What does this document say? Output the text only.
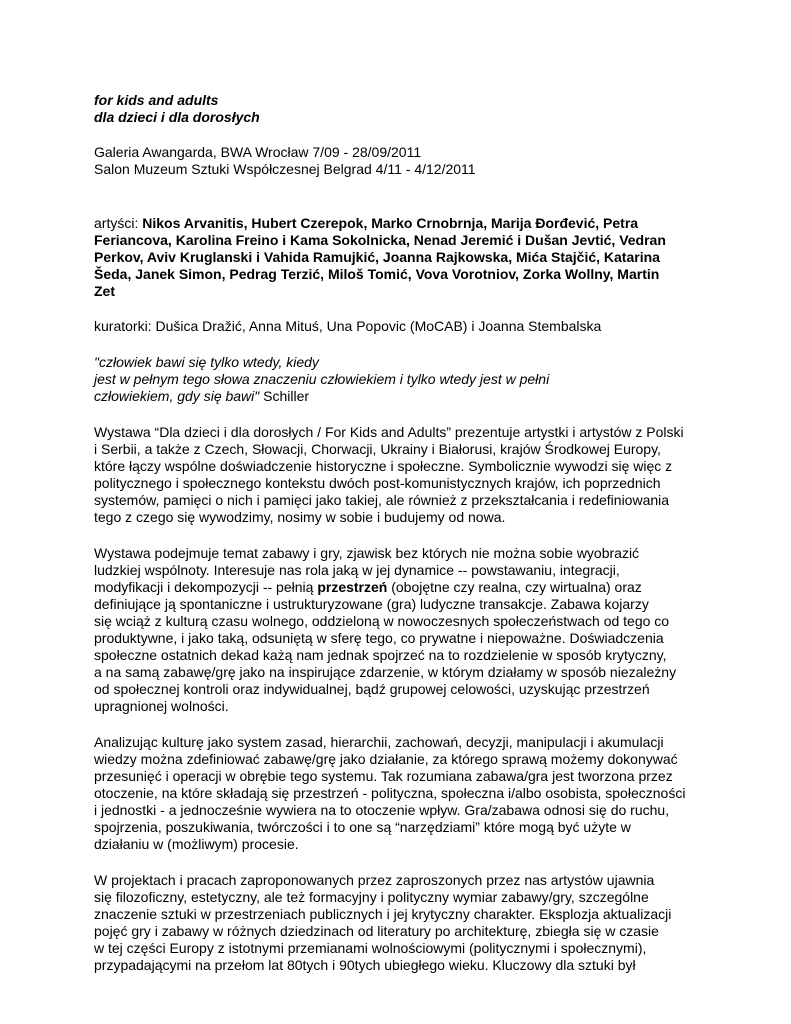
for kids and adults
dla dzieci i dla dorosłych
Galeria Awangarda, BWA Wrocław 7/09 - 28/09/2011
Salon Muzeum Sztuki Współczesnej Belgrad 4/11 - 4/12/2011
artyści: Nikos Arvanitis, Hubert Czerepok, Marko Crnobrnja, Marija Đorđević, Petra
Feriancova, Karolina Freino i Kama Sokolnicka, Nenad Jeremić i Dušan Jevtić, Vedran
Perkov, Aviv Kruglanski i Vahida Ramujkić, Joanna Rajkowska, Mića Stajčić, Katarina
Šeda, Janek Simon, Pedrag Terzić, Miloš Tomić, Vova Vorotniov, Zorka Wollny, Martin
Zet
kuratorki: Dušica Dražić, Anna Mituś, Una Popovic (MoCAB) i Joanna Stembalska
"człowiek bawi się tylko wtedy, kiedy
jest w pełnym tego słowa znaczeniu człowiekiem i tylko wtedy jest w pełni
człowiekiem, gdy się bawi" Schiller
Wystawa “Dla dzieci i dla dorosłych / For Kids and Adults” prezentuje artystki i artystów z Polski
i Serbii, a także z Czech, Słowacji, Chorwacji, Ukrainy i Białorusi, krajów Środkowej Europy,
które łączy wspólne doświadczenie historyczne i społeczne. Symbolicznie wywodzi się więc z
politycznego i społecznego kontekstu dwóch post-komunistycznych krajów, ich poprzednich
systemów, pamięci o nich i pamięci jako takiej, ale również z przekształcania i redefiniowania
tego z czego się wywodzimy, nosimy w sobie i budujemy od nowa.
Wystawa podejmuje temat zabawy i gry, zjawisk bez których nie można sobie wyobrazić
ludzkiej wspólnoty. Interesuje nas rola jaką w jej dynamice -- powstawaniu, integracji,
modyfikacji i dekompozycji -- pełnią przestrzeń (obojętne czy realna, czy wirtualna) oraz
definiujące ją spontaniczne i ustrukturyzowane (gra) ludyczne transakcje. Zabawa kojarzy
się wciąż z kulturą czasu wolnego, oddzieloną w nowoczesnych społeczeństwach od tego co
produktywne, i jako taką, odsuniętą w sferę tego, co prywatne i niepoważne. Doświadczenia
społeczne ostatnich dekad każą nam jednak spojrzeć na to rozdzielenie w sposób krytyczny,
a na samą zabawę/grę jako na inspirujące zdarzenie, w którym działamy w sposób niezależny
od społecznej kontroli oraz indywidualnej, bądź grupowej celowości, uzyskując przestrzeń
upragnionej wolności.
Analizując kulturę jako system zasad, hierarchii, zachowań, decyzji, manipulacji i akumulacji
wiedzy można zdefiniować zabawę/grę jako działanie, za którego sprawą możemy dokonywać
przesunięć i operacji w obrębie tego systemu. Tak rozumiana zabawa/gra jest tworzona przez
otoczenie, na które składają się przestrzeń - polityczna, społeczna i/albo osobista, społeczności
i jednostki - a jednocześnie wywiera na to otoczenie wpływ. Gra/zabawa odnosi się do ruchu,
spojrzenia, poszukiwania, twórczości i to one są “narzędziami” które mogą być użyte w
działaniu w (możliwym) procesie.
W projektach i pracach zaproponowanych przez zaproszonych przez nas artystów ujawnia
się filozoficzny, estetyczny, ale też formacyjny i polityczny wymiar zabawy/gry, szczególne
znaczenie sztuki w przestrzeniach publicznych i jej krytyczny charakter. Eksplozja aktualizacji
pojęć gry i zabawy w różnych dziedzinach od literatury po architekturę, zbiegła się w czasie
w tej części Europy z istotnymi przemianami wolnościowymi (politycznymi i społecznymi),
przypadającymi na przełom lat 80tych i 90tych ubiegłego wieku. Kluczowy dla sztuki był
